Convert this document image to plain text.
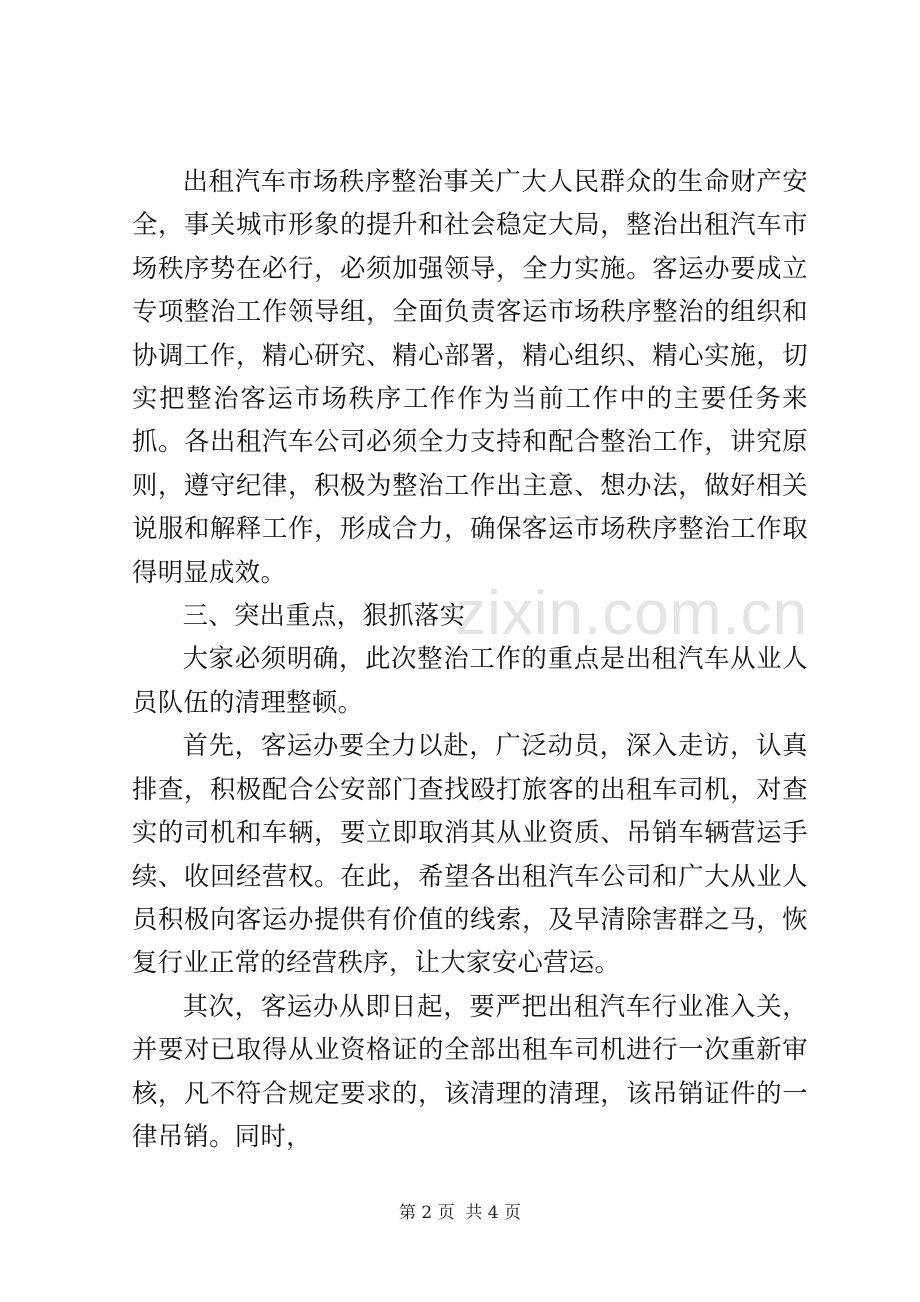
zixin.com.cn

出租汽车市场秩序整治事关广大人民群众的生命财产安全，事关城市形象的提升和社会稳定大局，整治出租汽车市场秩序势在必行，必须加强领导，全力实施。客运办要成立专项整治工作领导组，全面负责客运市场秩序整治的组织和协调工作，精心研究、精心部署，精心组织、精心实施，切实把整治客运市场秩序工作作为当前工作中的主要任务来抓。各出租汽车公司必须全力支持和配合整治工作，讲究原则，遵守纪律，积极为整治工作出主意、想办法，做好相关说服和解释工作，形成合力，确保客运市场秩序整治工作取得明显成效。

三、突出重点，狠抓落实

大家必须明确，此次整治工作的重点是出租汽车从业人员队伍的清理整顿。

首先，客运办要全力以赴，广泛动员，深入走访，认真排查，积极配合公安部门查找殴打旅客的出租车司机，对查实的司机和车辆，要立即取消其从业资质、吊销车辆营运手续、收回经营权。在此，希望各出租汽车公司和广大从业人员积极向客运办提供有价值的线索，及早清除害群之马，恢复行业正常的经营秩序，让大家安心营运。

其次，客运办从即日起，要严把出租汽车行业准入关，并要对已取得从业资格证的全部出租车司机进行一次重新审核，凡不符合规定要求的，该清理的清理，该吊销证件的一律吊销。同时，

第 2 页  共 4 页
